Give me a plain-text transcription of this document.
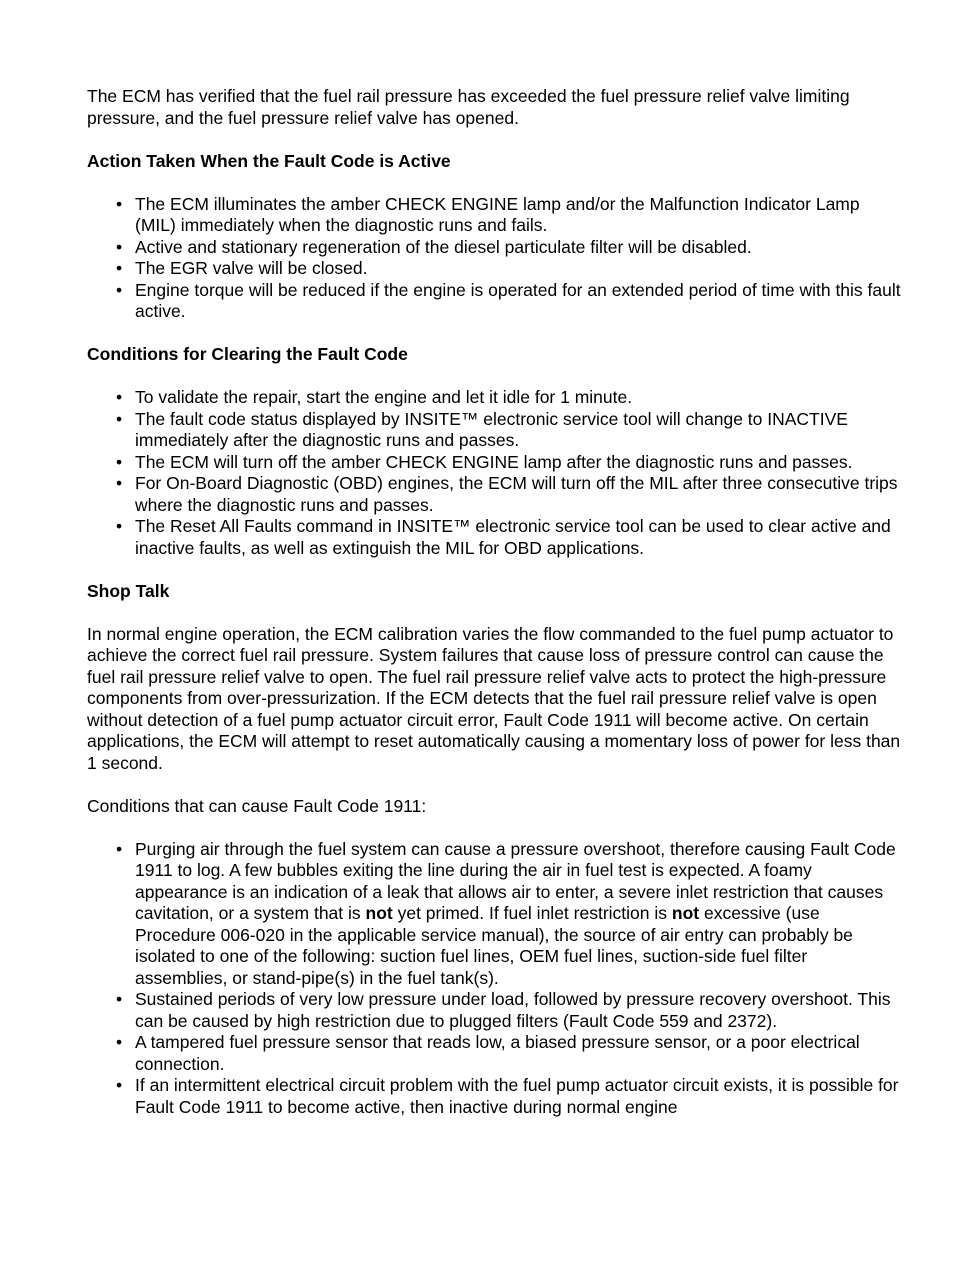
The ECM has verified that the fuel rail pressure has exceeded the fuel pressure relief valve limiting pressure, and the fuel pressure relief valve has opened.

Action Taken When the Fault Code is Active
• The ECM illuminates the amber CHECK ENGINE lamp and/or the Malfunction Indicator Lamp (MIL) immediately when the diagnostic runs and fails.
• Active and stationary regeneration of the diesel particulate filter will be disabled.
• The EGR valve will be closed.
• Engine torque will be reduced if the engine is operated for an extended period of time with this fault active.
Conditions for Clearing the Fault Code
• To validate the repair, start the engine and let it idle for 1 minute.
• The fault code status displayed by INSITE™ electronic service tool will change to INACTIVE immediately after the diagnostic runs and passes.
• The ECM will turn off the amber CHECK ENGINE lamp after the diagnostic runs and passes.
• For On-Board Diagnostic (OBD) engines, the ECM will turn off the MIL after three consecutive trips where the diagnostic runs and passes.
• The Reset All Faults command in INSITE™ electronic service tool can be used to clear active and inactive faults, as well as extinguish the MIL for OBD applications.
Shop Talk

In normal engine operation, the ECM calibration varies the flow commanded to the fuel pump actuator to achieve the correct fuel rail pressure. System failures that cause loss of pressure control can cause the fuel rail pressure relief valve to open. The fuel rail pressure relief valve acts to protect the high-pressure components from over-pressurization. If the ECM detects that the fuel rail pressure relief valve is open without detection of a fuel pump actuator circuit error, Fault Code 1911 will become active. On certain applications, the ECM will attempt to reset automatically causing a momentary loss of power for less than 1 second.

Conditions that can cause Fault Code 1911:

• Purging air through the fuel system can cause a pressure overshoot, therefore causing Fault Code 1911 to log. A few bubbles exiting the line during the air in fuel test is expected. A foamy appearance is an indication of a leak that allows air to enter, a severe inlet restriction that causes cavitation, or a system that is not yet primed. If fuel inlet restriction is not excessive (use Procedure 006-020 in the applicable service manual), the source of air entry can probably be isolated to one of the following: suction fuel lines, OEM fuel lines, suction-side fuel filter assemblies, or stand-pipe(s) in the fuel tank(s).
• Sustained periods of very low pressure under load, followed by pressure recovery overshoot. This can be caused by high restriction due to plugged filters (Fault Code 559 and 2372).
• A tampered fuel pressure sensor that reads low, a biased pressure sensor, or a poor electrical connection.
• If an intermittent electrical circuit problem with the fuel pump actuator circuit exists, it is possible for Fault Code 1911 to become active, then inactive during normal engine
